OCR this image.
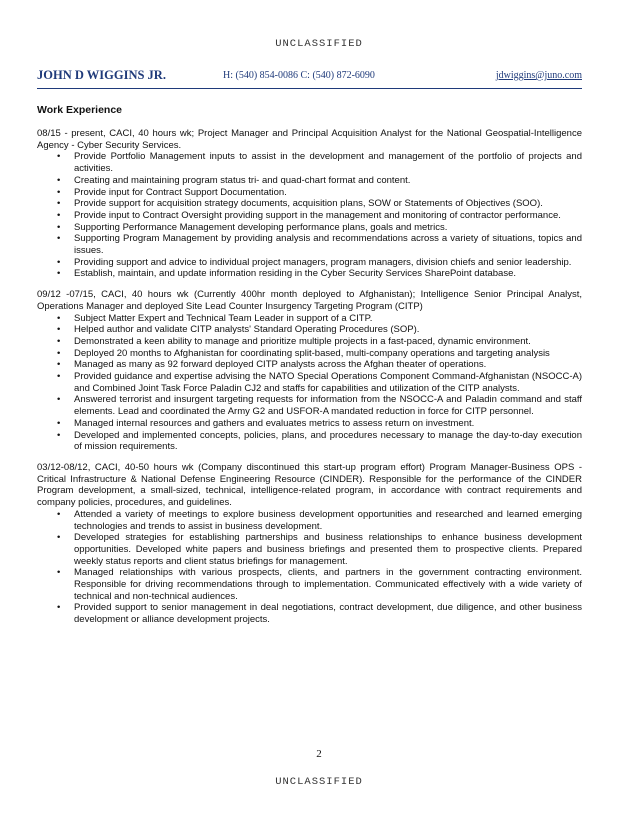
UNCLASSIFIED
JOHN D WIGGINS JR.	H: (540) 854-0086 C: (540) 872-6090	jdwiggins@juno.com
Work Experience

08/15 - present, CACI, 40 hours wk; Project Manager and Principal Acquisition Analyst for the National Geospatial-Intelligence Agency - Cyber Security Services.

• Provide Portfolio Management inputs to assist in the development and management of the portfolio of projects and activities.
• Creating and maintaining program status tri- and quad-chart format and content.
• Provide input for Contract Support Documentation.
• Provide support for acquisition strategy documents, acquisition plans, SOW or Statements of Objectives (SOO).
• Provide input to Contract Oversight providing support in the management and monitoring of contractor performance.
• Supporting Performance Management developing performance plans, goals and metrics.
• Supporting Program Management by providing analysis and recommendations across a variety of situations, topics and issues.
• Providing support and advice to individual project managers, program managers, division chiefs and senior leadership.
• Establish, maintain, and update information residing in the Cyber Security Services SharePoint database.

09/12 -07/15, CACI, 40 hours wk (Currently 400hr month deployed to Afghanistan); Intelligence Senior Principal Analyst, Operations Manager and deployed Site Lead Counter Insurgency Targeting Program (CITP)

• Subject Matter Expert and Technical Team Leader in support of a CITP.
• Helped author and validate CITP analysts' Standard Operating Procedures (SOP).
• Demonstrated a keen ability to manage and prioritize multiple projects in a fast-paced, dynamic environment.
• Deployed 20 months to Afghanistan for coordinating split-based, multi-company operations and targeting analysis
• Managed as many as 92 forward deployed CITP analysts across the Afghan theater of operations.
• Provided guidance and expertise advising the NATO Special Operations Component Command-Afghanistan (NSOCC-A) and Combined Joint Task Force Paladin CJ2 and staffs for capabilities and utilization of the CITP analysts.
• Answered terrorist and insurgent targeting requests for information from the NSOCC-A and Paladin command and staff elements. Lead and coordinated the Army G2 and USFOR-A mandated reduction in force for CITP personnel.
• Managed internal resources and gathers and evaluates metrics to assess return on investment.
• Developed and implemented concepts, policies, plans, and procedures necessary to manage the day-to-day execution of mission requirements.

03/12-08/12, CACI, 40-50 hours wk (Company discontinued this start-up program effort) Program Manager-Business OPS - Critical Infrastructure & National Defense Engineering Resource (CINDER). Responsible for the performance of the CINDER Program development, a small-sized, technical, intelligence-related program, in accordance with contract requirements and company policies, procedures, and guidelines.

• Attended a variety of meetings to explore business development opportunities and researched and learned emerging technologies and trends to assist in business development.
• Developed strategies for establishing partnerships and business relationships to enhance business development opportunities. Developed white papers and business briefings and presented them to prospective clients. Prepared weekly status reports and client status briefings for management.
• Managed relationships with various prospects, clients, and partners in the government contracting environment. Responsible for driving recommendations through to implementation. Communicated effectively with a wide variety of technical and non-technical audiences.
• Provided support to senior management in deal negotiations, contract development, due diligence, and other business development or alliance development projects.
2
UNCLASSIFIED
